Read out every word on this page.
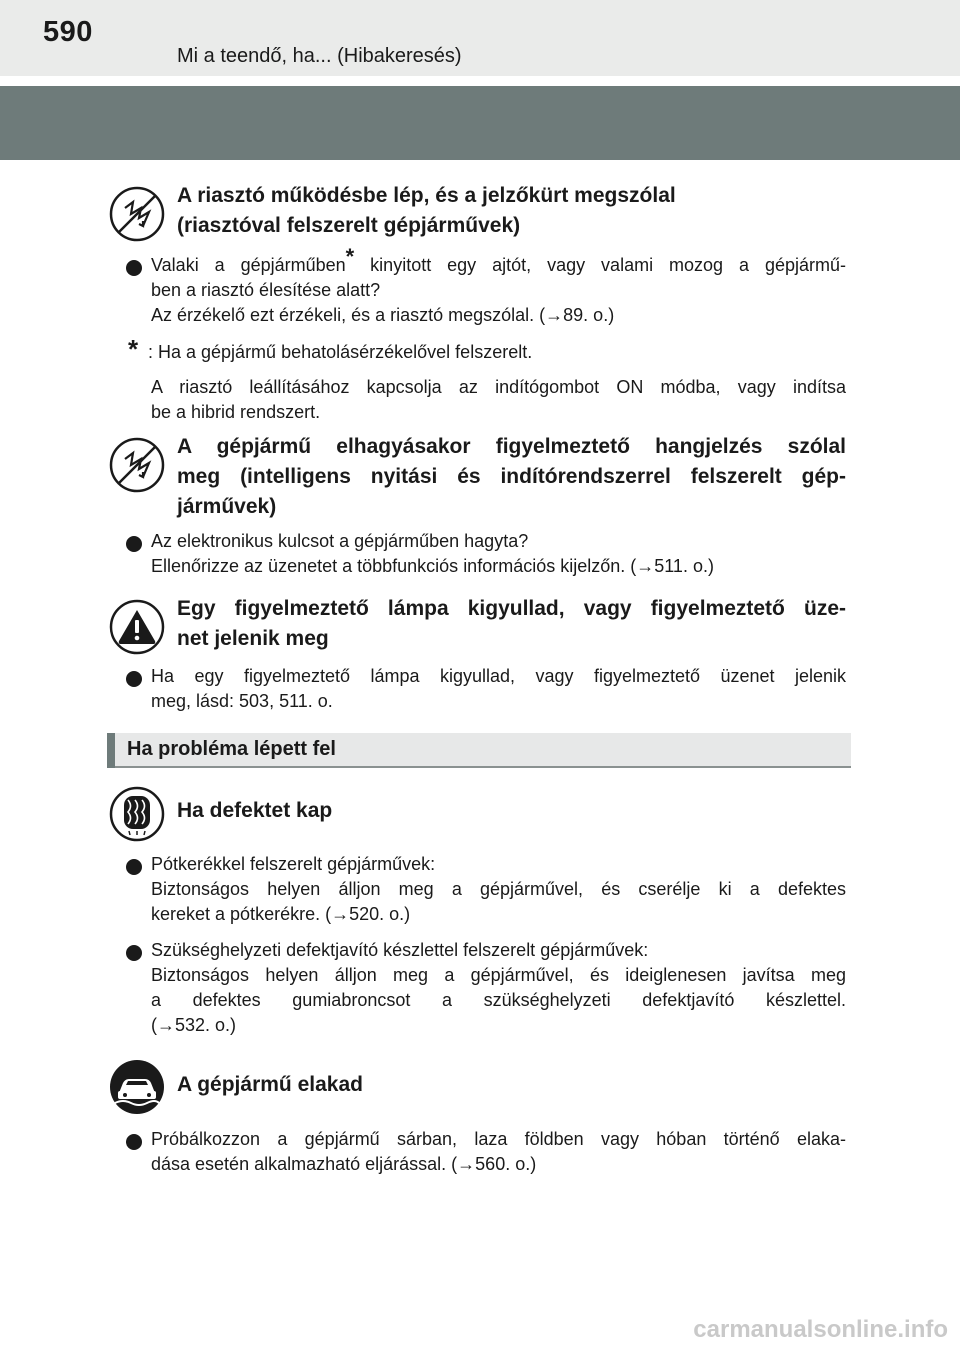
590
Mi a teendő, ha... (Hibakeresés)
A riasztó működésbe lép, és a jelzőkürt megszólal
(riasztóval felszerelt gépjárművek)
Valaki a gépjárműben* kinyitott egy ajtót, vagy valami mozog a gépjármű-
ben a riasztó élesítése alatt?
Az érzékelő ezt érzékeli, és a riasztó megszólal. (→89. o.)
* : Ha a gépjármű behatolásérzékelővel felszerelt.
A riasztó leállításához kapcsolja az indítógombot ON módba, vagy indítsa
be a hibrid rendszert.
A gépjármű elhagyásakor figyelmeztető hangjelzés szólal
meg (intelligens nyitási és indítórendszerrel felszerelt gép-
járművek)
Az elektronikus kulcsot a gépjárműben hagyta?
Ellenőrizze az üzenetet a többfunkciós információs kijelzőn. (→511. o.)
Egy figyelmeztető lámpa kigyullad, vagy figyelmeztető üze-
net jelenik meg
Ha egy figyelmeztető lámpa kigyullad, vagy figyelmeztető üzenet jelenik
meg, lásd: 503, 511. o.
Ha probléma lépett fel
Ha defektet kap
Pótkerékkel felszerelt gépjárművek:
Biztonságos helyen álljon meg a gépjárművel, és cserélje ki a defektes
kereket a pótkerékre. (→520. o.)
Szükséghelyzeti defektjavító készlettel felszerelt gépjárművek:
Biztonságos helyen álljon meg a gépjárművel, és ideiglenesen javítsa meg
a defektes gumiabroncsot a szükséghelyzeti defektjavító készlettel.
(→532. o.)
A gépjármű elakad
Próbálkozzon a gépjármű sárban, laza földben vagy hóban történő elaka-
dása esetén alkalmazható eljárással. (→560. o.)
carmanualsonline.info
